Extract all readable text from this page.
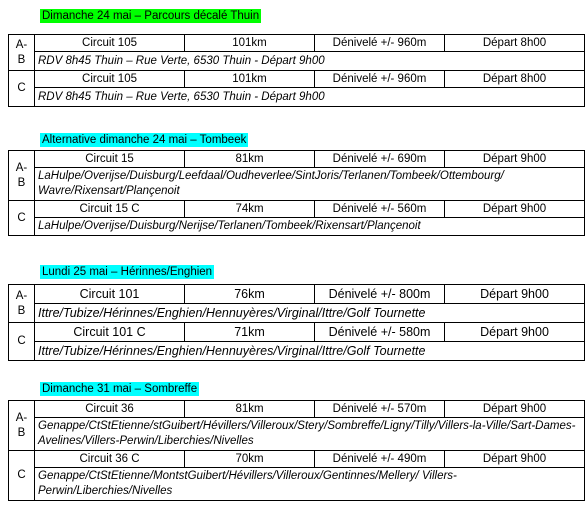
Dimanche 24 mai – Parcours décalé Thuin
A-B	Circuit 105	101km	Dénivelé +/- 960m	Départ 8h00
	RDV 8h45 Thuin – Rue Verte, 6530 Thuin - Départ 9h00			
C	Circuit 105	101km	Dénivelé +/- 960m	Départ 8h00
	RDV 8h45 Thuin – Rue Verte, 6530 Thuin - Départ 9h00			
Alternative dimanche 24 mai – Tombeek
A-B	Circuit 15	81km	Dénivelé +/- 690m	Départ 9h00
	LaHulpe/Overijse/Duisburg/Leefdaal/Oudheverlee/SintJoris/Terlanen/Tombeek/Ottembourg/ Wavre/Rixensart/Plançenoit			
C	Circuit 15 C	74km	Dénivelé +/- 560m	Départ 9h00
	LaHulpe/Overijse/Duisburg/Nerijse/Terlanen/Tombeek/Rixensart/Plançenoit			
Lundi 25 mai – Hérinnes/Enghien
A-B	Circuit 101	76km	Dénivelé +/- 800m	Départ 9h00
	Ittre/Tubize/Hérinnes/Enghien/Hennuyères/Virginal/Ittre/Golf Tournette			
C	Circuit 101 C	71km	Dénivelé +/- 580m	Départ 9h00
	Ittre/Tubize/Hérinnes/Enghien/Hennuyères/Virginal/Ittre/Golf Tournette			
Dimanche 31 mai – Sombreffe
A-B	Circuit 36	81km	Dénivelé +/- 570m	Départ 9h00
	Genappe/CtStEtienne/stGuibert/Hévillers/Villeroux/Stery/Sombreffe/Ligny/Tilly/Villers-la-Ville/Sart-Dames-Avelines/Villers-Perwin/Liberchies/Nivelles			
C	Circuit 36 C	70km	Dénivelé +/- 490m	Départ 9h00
	Genappe/CtStEtienne/MontstGuibert/Hévillers/Villeroux/Gentinnes/Mellery/ Villers-Perwin/Liberchies/Nivelles			
